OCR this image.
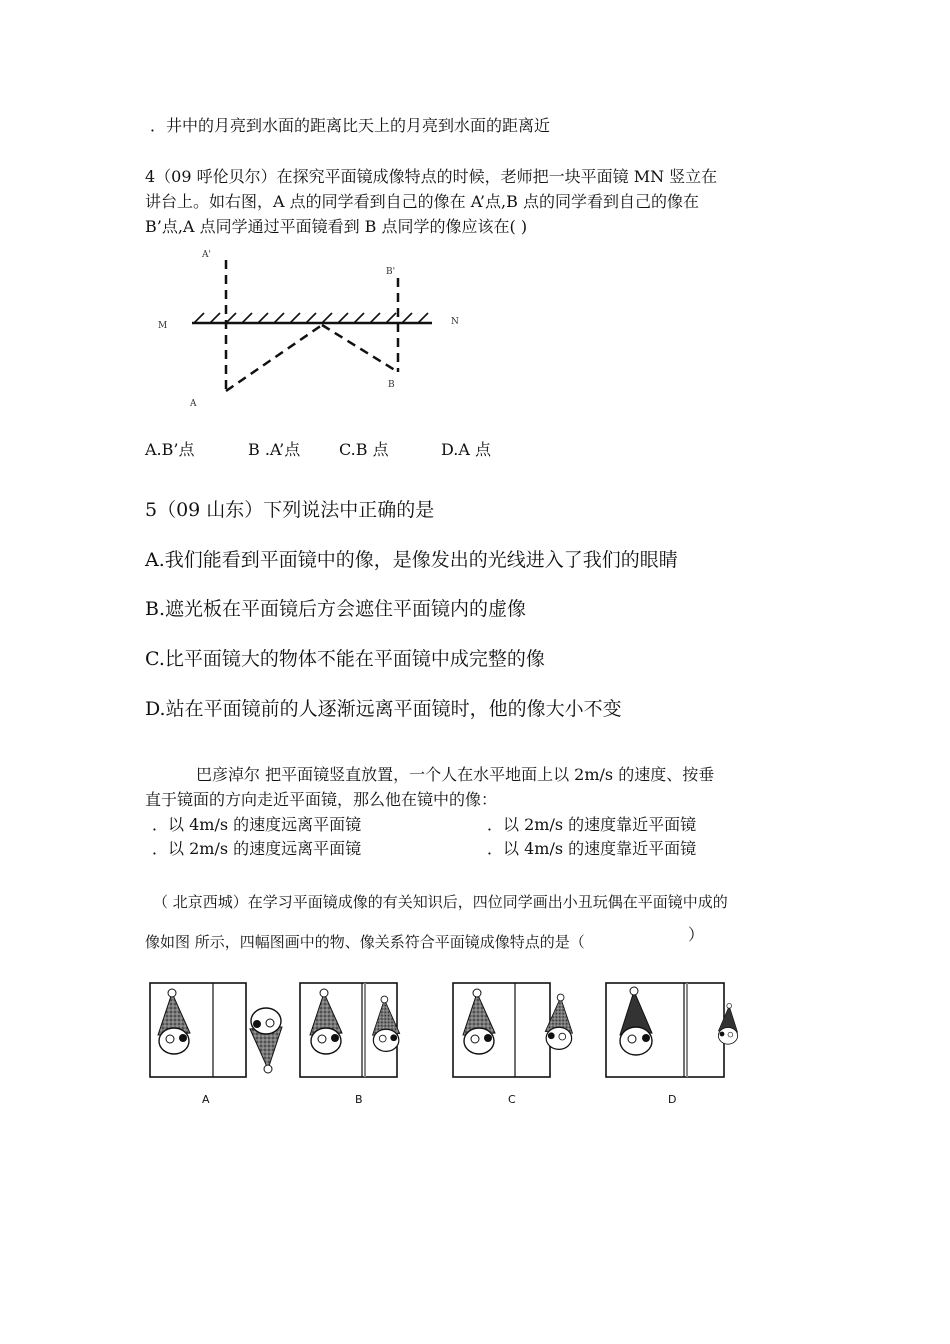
．井中的月亮到水面的距离比天上的月亮到水面的距离近
4（09 呼伦贝尔）在探究平面镜成像特点的时候，老师把一块平面镜 MN 竖立在
讲台上。如右图，A 点的同学看到自己的像在 A’点,B 点的同学看到自己的像在
B’点,A 点同学通过平面镜看到 B 点同学的像应该在( )
A'
B'
M	N
A
B
A.B’点	B .A’点 C.B 点	D.A 点
5（09 山东）下列说法中正确的是
A.我们能看到平面镜中的像，是像发出的光线进入了我们的眼睛
B.遮光板在平面镜后方会遮住平面镜内的虚像
C.比平面镜大的物体不能在平面镜中成完整的像
D.站在平面镜前的人逐渐远离平面镜时，他的像大小不变
巴彦淖尔 把平面镜竖直放置，一个人在水平地面上以 2m/s 的速度、按垂
直于镜面的方向走近平面镜，那么他在镜中的像：
．以 4m/s 的速度远离平面镜	．以 2m/s 的速度靠近平面镜
．以 2m/s 的速度远离平面镜	．以 4m/s 的速度靠近平面镜
（ 北京西城）在学习平面镜成像的有关知识后，四位同学画出小丑玩偶在平面镜中成的
像如图 所示，四幅图画中的物、像关系符合平面镜成像特点的是（	）
A	B	C	D
